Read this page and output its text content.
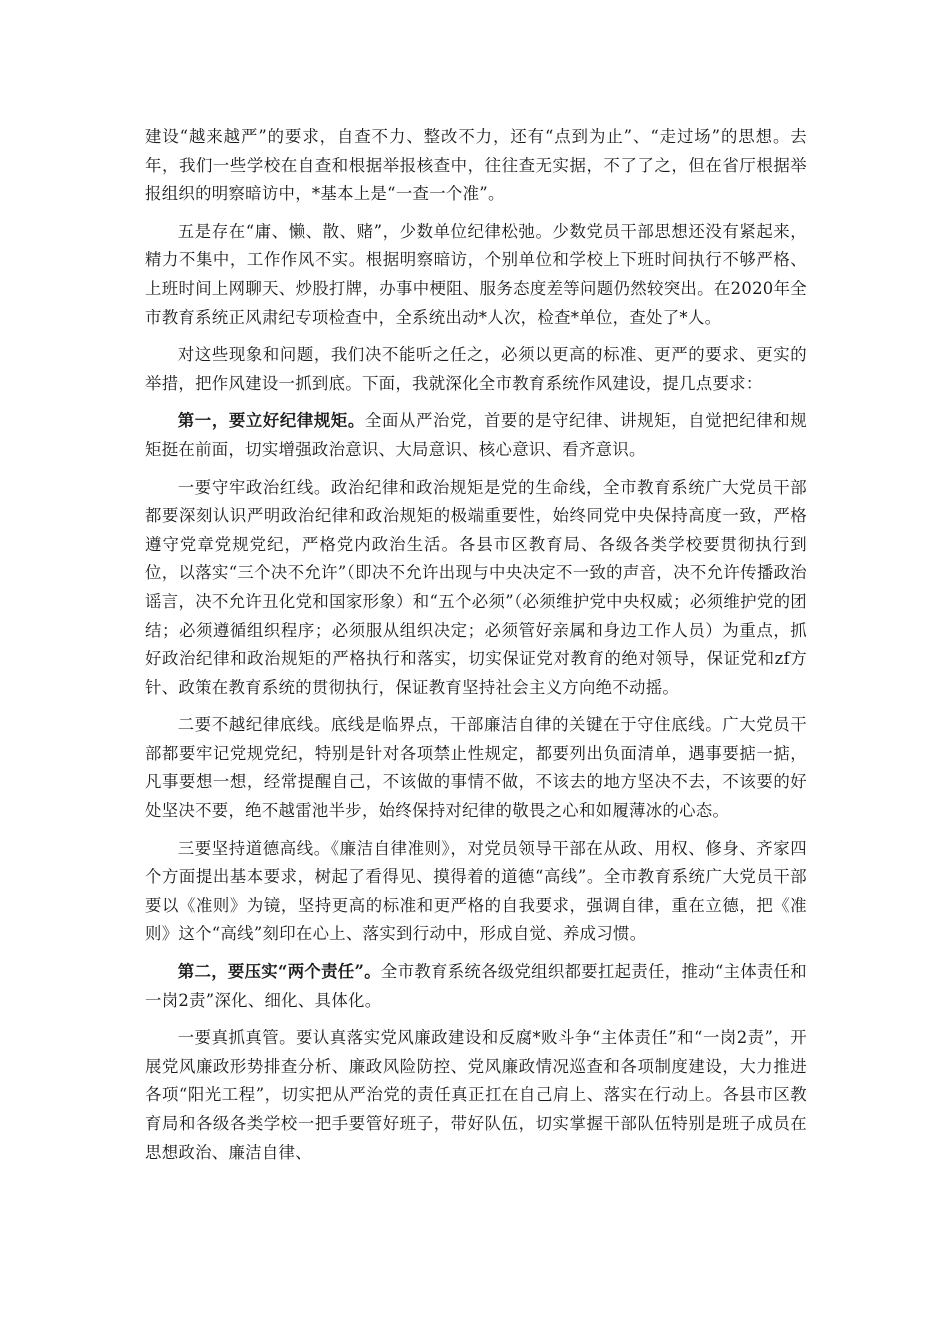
建设“越来越严”的要求，自查不力、整改不力，还有“点到为止”、“走过场”的思想。去年，我们一些学校在自查和根据举报核查中，往往查无实据，不了了之，但在省厅根据举报组织的明察暗访中，*基本上是“一查一个准”。

五是存在“庸、懒、散、赌”，少数单位纪律松弛。少数党员干部思想还没有紧起来，精力不集中，工作作风不实。根据明察暗访，个别单位和学校上下班时间执行不够严格、上班时间上网聊天、炒股打牌，办事中梗阻、服务态度差等问题仍然较突出。在2020年全市教育系统正风肃纪专项检查中，全系统出动*人次，检查*单位，查处了*人。

对这些现象和问题，我们决不能听之任之，必须以更高的标准、更严的要求、更实的举措，把作风建设一抓到底。下面，我就深化全市教育系统作风建设，提几点要求：

第一，要立好纪律规矩。全面从严治党，首要的是守纪律、讲规矩，自觉把纪律和规矩挺在前面，切实增强政治意识、大局意识、核心意识、看齐意识。

一要守牢政治红线。政治纪律和政治规矩是党的生命线，全市教育系统广大党员干部都要深刻认识严明政治纪律和政治规矩的极端重要性，始终同党中央保持高度一致，严格遵守党章党规党纪，严格党内政治生活。各县市区教育局、各级各类学校要贯彻执行到位，以落实“三个决不允许”（即决不允许出现与中央决定不一致的声音，决不允许传播政治谣言，决不允许丑化党和国家形象）和“五个必须”（必须维护党中央权威；必须维护党的团结；必须遵循组织程序；必须服从组织决定；必须管好亲属和身边工作人员）为重点，抓好政治纪律和政治规矩的严格执行和落实，切实保证党对教育的绝对领导，保证党和zf方针、政策在教育系统的贯彻执行，保证教育坚持社会主义方向绝不动摇。

二要不越纪律底线。底线是临界点，干部廉洁自律的关键在于守住底线。广大党员干部都要牢记党规党纪，特别是针对各项禁止性规定，都要列出负面清单，遇事要掂一掂，凡事要想一想，经常提醒自己，不该做的事情不做，不该去的地方坚决不去，不该要的好处坚决不要，绝不越雷池半步，始终保持对纪律的敬畏之心和如履薄冰的心态。

三要坚持道德高线。《廉洁自律准则》，对党员领导干部在从政、用权、修身、齐家四个方面提出基本要求，树起了看得见、摸得着的道德“高线”。全市教育系统广大党员干部要以《准则》为镜，坚持更高的标准和更严格的自我要求，强调自律，重在立德，把《准则》这个“高线”刻印在心上、落实到行动中，形成自觉、养成习惯。

第二，要压实“两个责任”。全市教育系统各级党组织都要扛起责任，推动“主体责任和一岗2责”深化、细化、具体化。

一要真抓真管。要认真落实党风廉政建设和反腐*败斗争“主体责任”和“一岗2责”，开展党风廉政形势排查分析、廉政风险防控、党风廉政情况巡查和各项制度建设，大力推进各项“阳光工程”，切实把从严治党的责任真正扛在自己肩上、落实在行动上。各县市区教育局和各级各类学校一把手要管好班子，带好队伍，切实掌握干部队伍特别是班子成员在思想政治、廉洁自律、
